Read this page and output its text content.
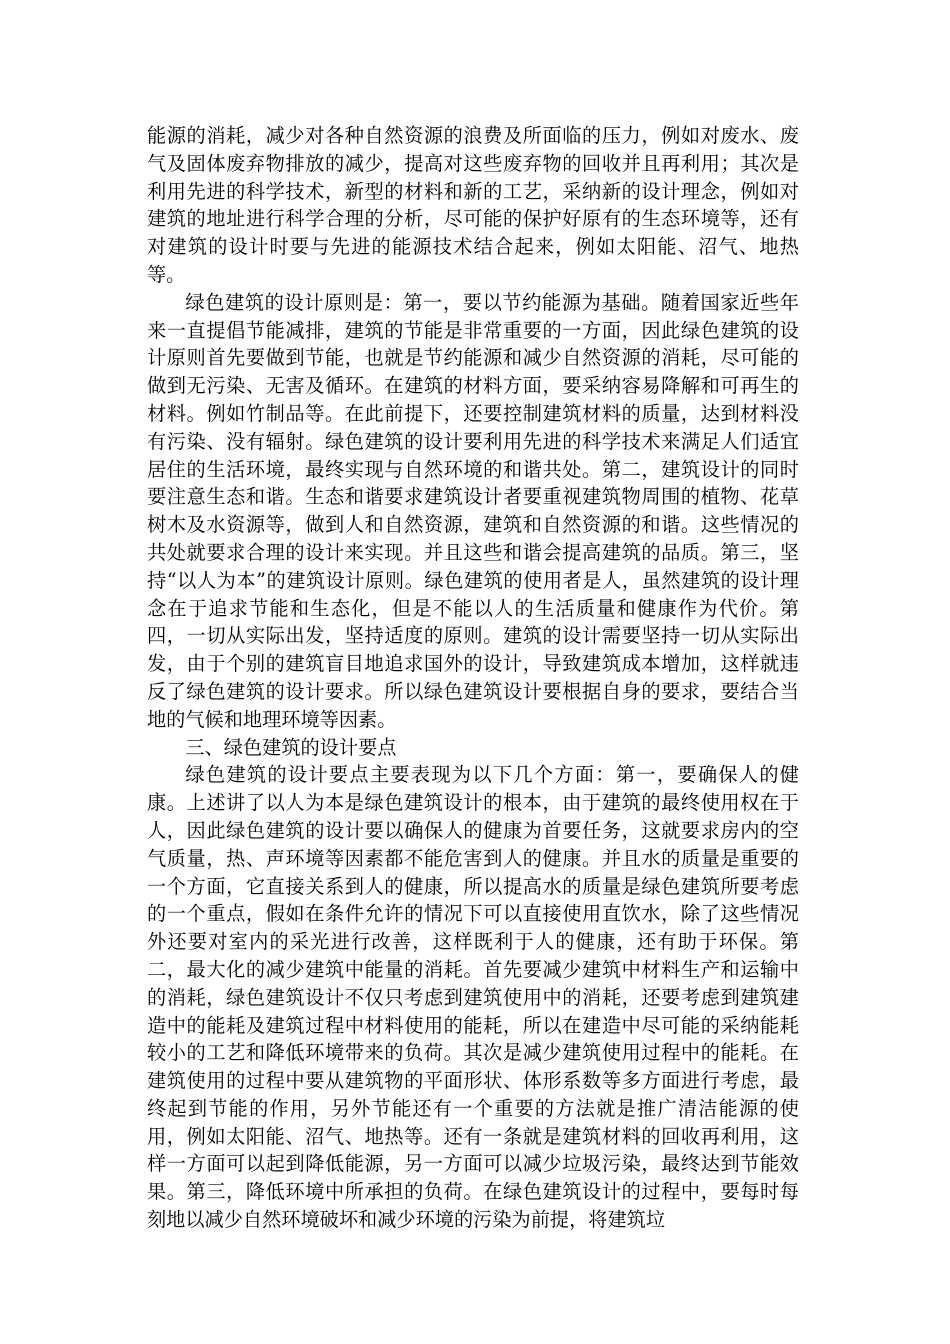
能源的消耗，减少对各种自然资源的浪费及所面临的压力，例如对废水、废气及固体废弃物排放的减少，提高对这些废弃物的回收并且再利用；其次是利用先进的科学技术，新型的材料和新的工艺，采纳新的设计理念，例如对建筑的地址进行科学合理的分析，尽可能的保护好原有的生态环境等，还有对建筑的设计时要与先进的能源技术结合起来，例如太阳能、沼气、地热等。

绿色建筑的设计原则是：第一，要以节约能源为基础。随着国家近些年来一直提倡节能减排，建筑的节能是非常重要的一方面，因此绿色建筑的设计原则首先要做到节能，也就是节约能源和减少自然资源的消耗，尽可能的做到无污染、无害及循环。在建筑的材料方面，要采纳容易降解和可再生的材料。例如竹制品等。在此前提下，还要控制建筑材料的质量，达到材料没有污染、没有辐射。绿色建筑的设计要利用先进的科学技术来满足人们适宜居住的生活环境，最终实现与自然环境的和谐共处。第二，建筑设计的同时要注意生态和谐。生态和谐要求建筑设计者要重视建筑物周围的植物、花草树木及水资源等，做到人和自然资源，建筑和自然资源的和谐。这些情况的共处就要求合理的设计来实现。并且这些和谐会提高建筑的品质。第三，坚持“以人为本”的建筑设计原则。绿色建筑的使用者是人，虽然建筑的设计理念在于追求节能和生态化，但是不能以人的生活质量和健康作为代价。第四，一切从实际出发，坚持适度的原则。建筑的设计需要坚持一切从实际出发，由于个别的建筑盲目地追求国外的设计，导致建筑成本增加，这样就违反了绿色建筑的设计要求。所以绿色建筑设计要根据自身的要求，要结合当地的气候和地理环境等因素。

三、绿色建筑的设计要点

绿色建筑的设计要点主要表现为以下几个方面：第一，要确保人的健康。上述讲了以人为本是绿色建筑设计的根本，由于建筑的最终使用权在于人，因此绿色建筑的设计要以确保人的健康为首要任务，这就要求房内的空气质量，热、声环境等因素都不能危害到人的健康。并且水的质量是重要的一个方面，它直接关系到人的健康，所以提高水的质量是绿色建筑所要考虑的一个重点，假如在条件允许的情况下可以直接使用直饮水，除了这些情况外还要对室内的采光进行改善，这样既利于人的健康，还有助于环保。第二，最大化的减少建筑中能量的消耗。首先要减少建筑中材料生产和运输中的消耗，绿色建筑设计不仅只考虑到建筑使用中的消耗，还要考虑到建筑建造中的能耗及建筑过程中材料使用的能耗，所以在建造中尽可能的采纳能耗较小的工艺和降低环境带来的负荷。其次是减少建筑使用过程中的能耗。在建筑使用的过程中要从建筑物的平面形状、体形系数等多方面进行考虑，最终起到节能的作用，另外节能还有一个重要的方法就是推广清洁能源的使用，例如太阳能、沼气、地热等。还有一条就是建筑材料的回收再利用，这样一方面可以起到降低能源，另一方面可以减少垃圾污染，最终达到节能效果。第三，降低环境中所承担的负荷。在绿色建筑设计的过程中，要每时每刻地以减少自然环境破坏和减少环境的污染为前提，将建筑垃
